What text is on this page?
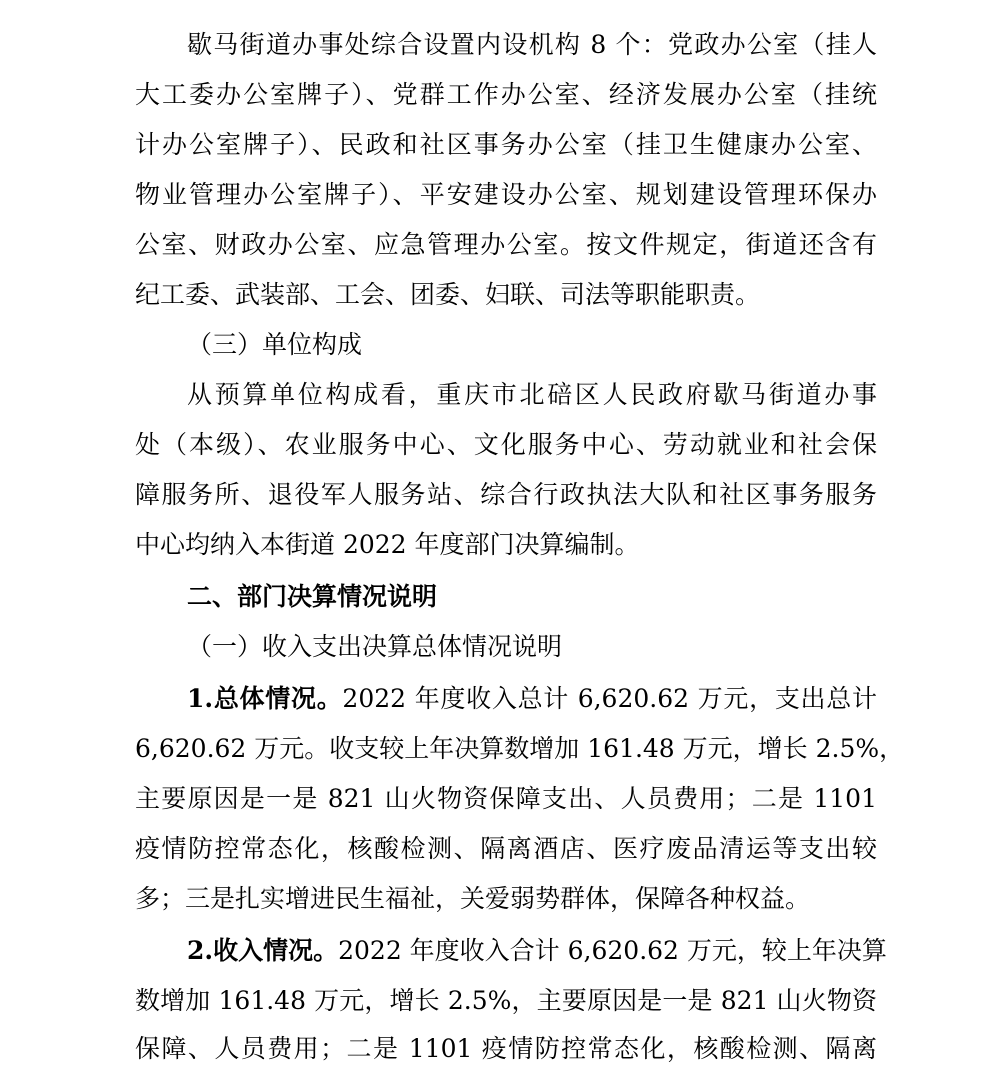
歇马街道办事处综合设置内设机构 8 个：党政办公室（挂人
大工委办公室牌子）、党群工作办公室、经济发展办公室（挂统
计办公室牌子）、民政和社区事务办公室（挂卫生健康办公室、
物业管理办公室牌子）、平安建设办公室、规划建设管理环保办
公室、财政办公室、应急管理办公室。按文件规定，街道还含有
纪工委、武装部、工会、团委、妇联、司法等职能职责。
（三）单位构成
从预算单位构成看，重庆市北碚区人民政府歇马街道办事
处（本级）、农业服务中心、文化服务中心、劳动就业和社会保
障服务所、退役军人服务站、综合行政执法大队和社区事务服务
中心均纳入本街道 2022 年度部门决算编制。
二、部门决算情况说明
（一）收入支出决算总体情况说明
1.总体情况。2022 年度收入总计 6,620.62 万元，支出总计
6,620.62 万元。收支较上年决算数增加 161.48 万元，增长 2.5%，
主要原因是一是 821 山火物资保障支出、人员费用；二是 1101
疫情防控常态化，核酸检测、隔离酒店、医疗废品清运等支出较
多；三是扎实增进民生福祉，关爱弱势群体，保障各种权益。
2.收入情况。2022 年度收入合计 6,620.62 万元，较上年决算
数增加 161.48 万元，增长 2.5%，主要原因是一是 821 山火物资
保障、人员费用；二是 1101 疫情防控常态化，核酸检测、隔离
